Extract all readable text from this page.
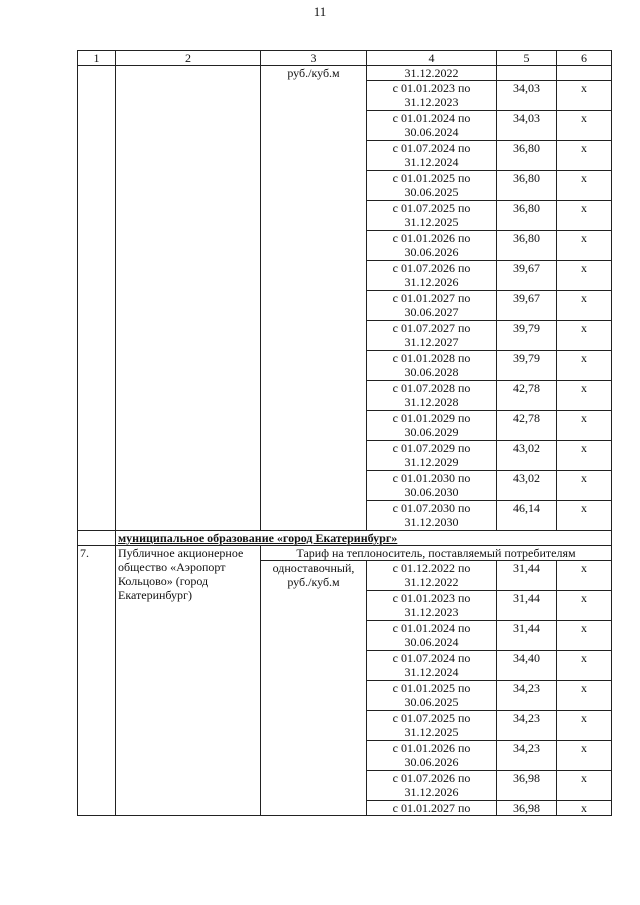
11
1	2	3	4	5	6
		руб./куб.м	31.12.2022		
			с 01.01.2023 по 31.12.2023	34,03	x
			с 01.01.2024 по 30.06.2024	34,03	x
			с 01.07.2024 по 31.12.2024	36,80	x
			с 01.01.2025 по 30.06.2025	36,80	x
			с 01.07.2025 по 31.12.2025	36,80	x
			с 01.01.2026 по 30.06.2026	36,80	x
			с 01.07.2026 по 31.12.2026	39,67	x
			с 01.01.2027 по 30.06.2027	39,67	x
			с 01.07.2027 по 31.12.2027	39,79	x
			с 01.01.2028 по 30.06.2028	39,79	x
			с 01.07.2028 по 31.12.2028	42,78	x
			с 01.01.2029 по 30.06.2029	42,78	x
			с 01.07.2029 по 31.12.2029	43,02	x
			с 01.01.2030 по 30.06.2030	43,02	x
			с 01.07.2030 по 31.12.2030	46,14	x
	муниципальное образование «город Екатеринбург»				
7.	Публичное акционерное общество «Аэропорт Кольцово» (город Екатеринбург)	Тариф на теплоноситель, поставляемый потребителям			
		одноставочный, руб./куб.м	с 01.12.2022 по 31.12.2022	31,44	x
			с 01.01.2023 по 31.12.2023	31,44	x
			с 01.01.2024 по 30.06.2024	31,44	x
			с 01.07.2024 по 31.12.2024	34,40	x
			с 01.01.2025 по 30.06.2025	34,23	x
			с 01.07.2025 по 31.12.2025	34,23	x
			с 01.01.2026 по 30.06.2026	34,23	x
			с 01.07.2026 по 31.12.2026	36,98	x
			с 01.01.2027 по	36,98	x
